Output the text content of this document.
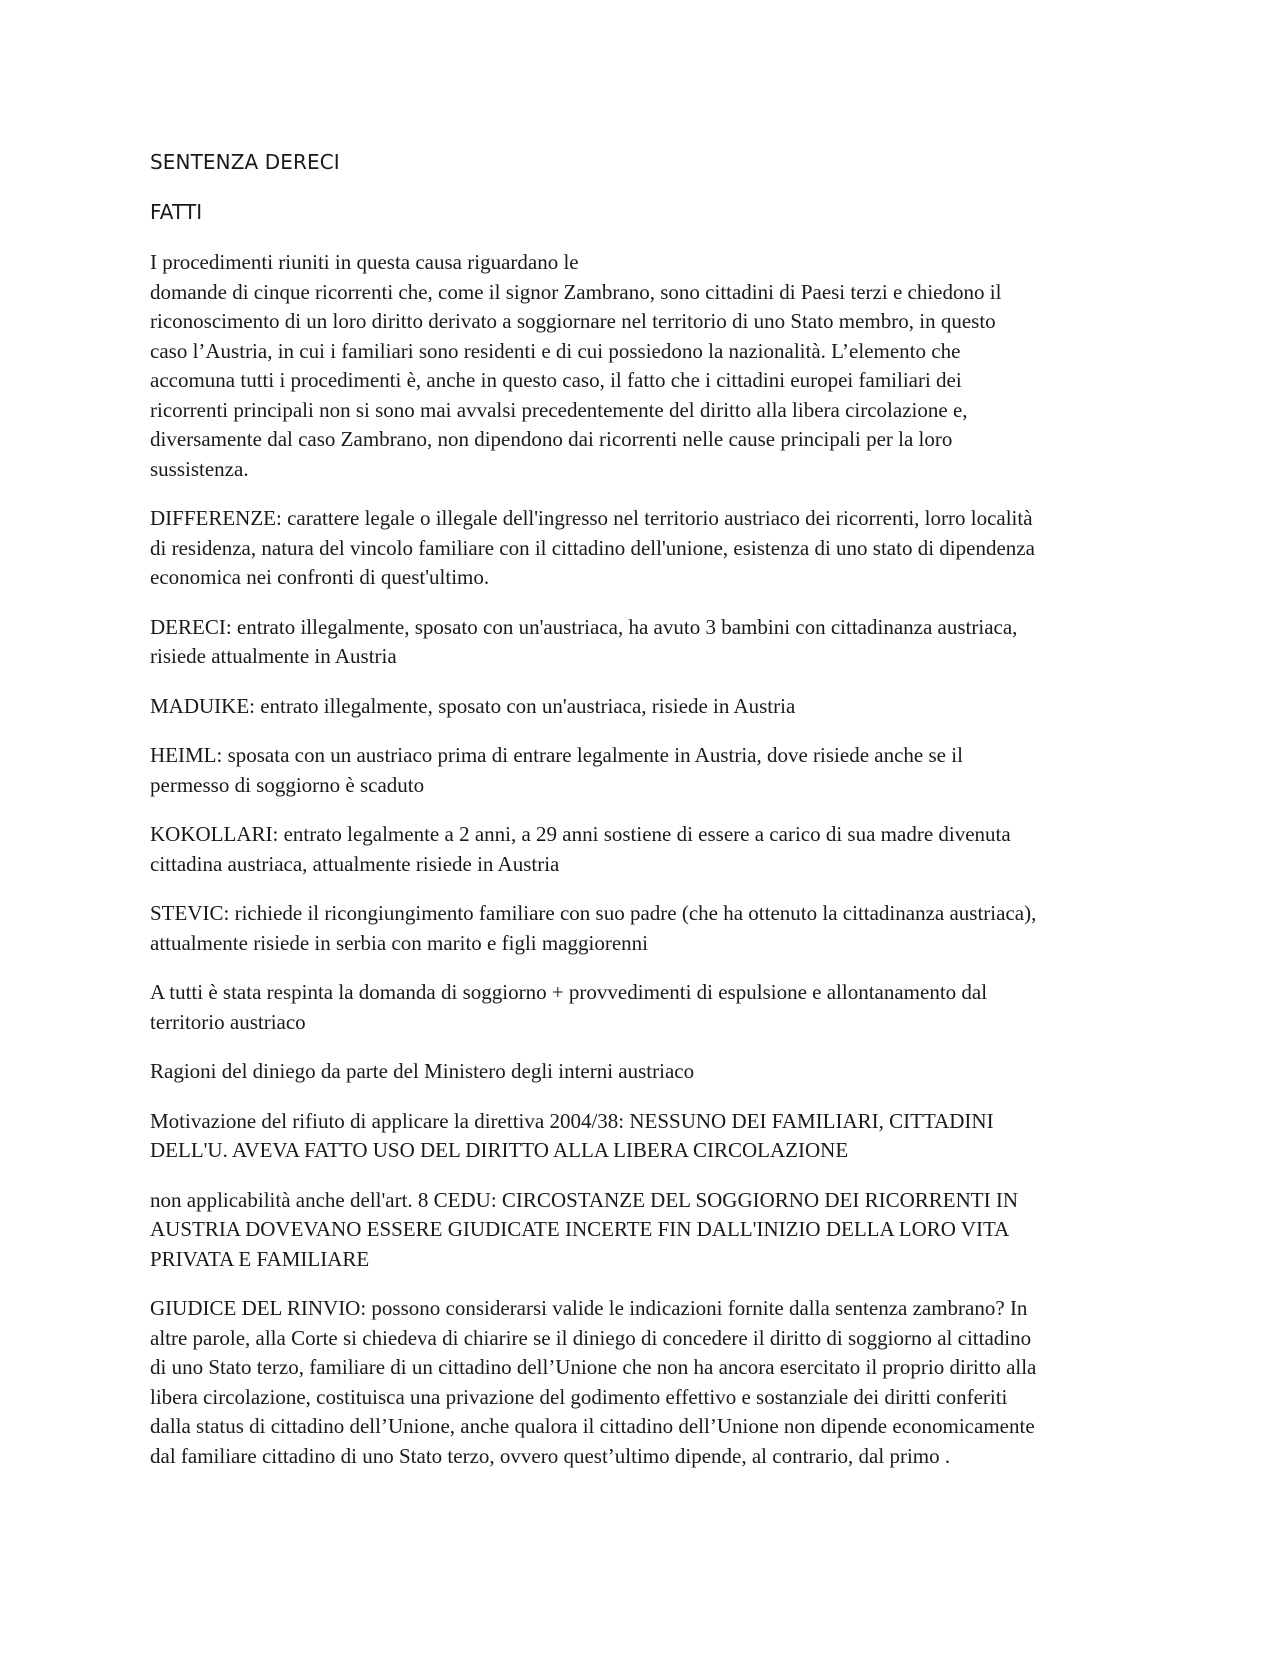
SENTENZA DERECI
FATTI
I procedimenti riuniti in questa causa riguardano le
domande di cinque ricorrenti che, come il signor Zambrano, sono cittadini di Paesi terzi e chiedono il
riconoscimento di un loro diritto derivato a soggiornare nel territorio di uno Stato membro, in questo
caso l’Austria, in cui i familiari sono residenti e di cui possiedono la nazionalità. L’elemento che
accomuna tutti i procedimenti è, anche in questo caso, il fatto che i cittadini europei familiari dei
ricorrenti principali non si sono mai avvalsi precedentemente del diritto alla libera circolazione e,
diversamente dal caso Zambrano, non dipendono dai ricorrenti nelle cause principali per la loro
sussistenza.
DIFFERENZE: carattere legale o illegale dell'ingresso nel territorio austriaco dei ricorrenti, lorro località
di residenza, natura del vincolo familiare con il cittadino dell'unione, esistenza di uno stato di dipendenza
economica nei confronti di quest'ultimo.
DERECI: entrato illegalmente, sposato con un'austriaca, ha avuto 3 bambini con cittadinanza austriaca,
risiede attualmente in Austria
MADUIKE: entrato illegalmente, sposato con un'austriaca, risiede in Austria
HEIML: sposata con un austriaco prima di entrare legalmente in Austria, dove risiede anche se il
permesso di soggiorno è scaduto
KOKOLLARI: entrato legalmente a 2 anni, a 29 anni sostiene di essere a carico di sua madre divenuta
cittadina austriaca, attualmente risiede in Austria
STEVIC: richiede il ricongiungimento familiare con suo padre (che ha ottenuto la cittadinanza austriaca),
attualmente risiede in serbia con marito e figli maggiorenni
A tutti è stata respinta la domanda di soggiorno + provvedimenti di espulsione e allontanamento dal
territorio austriaco
Ragioni del diniego da parte del Ministero degli interni austriaco
Motivazione del rifiuto di applicare la direttiva 2004/38: NESSUNO DEI FAMILIARI, CITTADINI
DELL'U. AVEVA FATTO USO DEL DIRITTO ALLA LIBERA CIRCOLAZIONE
non applicabilità anche dell'art. 8 CEDU: CIRCOSTANZE DEL SOGGIORNO DEI RICORRENTI IN
AUSTRIA DOVEVANO ESSERE GIUDICATE INCERTE FIN DALL'INIZIO DELLA LORO VITA
PRIVATA E FAMILIARE
GIUDICE DEL RINVIO: possono considerarsi valide le indicazioni fornite dalla sentenza zambrano? In
altre parole, alla Corte si chiedeva di chiarire se il diniego di concedere il diritto di soggiorno al cittadino
di uno Stato terzo, familiare di un cittadino dell’Unione che non ha ancora esercitato il proprio diritto alla
libera circolazione, costituisca una privazione del godimento effettivo e sostanziale dei diritti conferiti
dalla status di cittadino dell’Unione, anche qualora il cittadino dell’Unione non dipende economicamente
dal familiare cittadino di uno Stato terzo, ovvero quest’ultimo dipende, al contrario, dal primo .
